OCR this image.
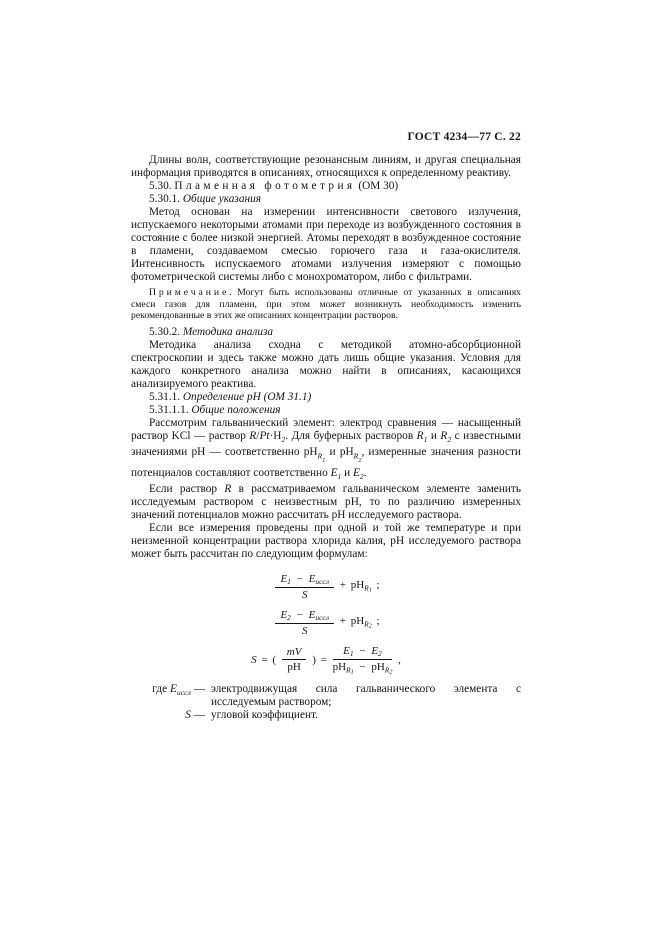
ГОСТ 4234—77 С. 22

Длины волн, соответствующие резонансным линиям, и другая специальная информация приводятся в описаниях, относящихся к определенному реактиву.

5.30. Пламенная фотометрия (ОМ 30)

5.30.1. Общие указания

Метод основан на измерении интенсивности светового излучения, испускаемого некоторыми атомами при переходе из возбужденного состояния в состояние с более низкой энергией. Атомы переходят в возбужденное состояние в пламени, создаваемом смесью горючего газа и газа-окислителя. Интенсивность испускаемого атомами излучения измеряют с помощью фотометрической системы либо с монохроматором, либо с фильтрами.

Примечание. Могут быть использованы отличные от указанных в описаниях смеси газов для пламени, при этом может возникнуть необходимость изменить рекомендованные в этих же описаниях концентрации растворов.

5.30.2. Методика анализа

Методика анализа сходна с методикой атомно-абсорбционной спектроскопии и здесь также можно дать лишь общие указания. Условия для каждого конкретного анализа можно найти в описаниях, касающихся анализируемого реактива.

5.31.1. Определение pH (ОМ 31.1)

5.31.1.1. Общие положения

Рассмотрим гальванический элемент: электрод сравнения — насыщенный раствор KCl — раствор $R/Pt\cdot H_2$. Для буферных растворов $R_1$ и $R_2$ с известными значениями pH — соответственно $pH_{R1}$ и $pH_{R2}$, измеренные значения разности потенциалов составляют соответственно $E_1$ и $E_2$.

Если раствор R в рассматриваемом гальваническом элементе заменить исследуемым раствором с неизвестным pH, то по различию измеренных значений потенциалов можно рассчитать pH исследуемого раствора.

Если все измерения проведены при одной и той же температуре и при неизменной концентрации раствора хлорида калия, pH исследуемого раствора может быть рассчитан по следующим формулам:

$\frac{\text{E1 − Eиссл}}{S} + pH_{R1}$ ;
$\frac{\text{E2 − Eиссл}}{S} + pH_{R2}$ ;
S = ( $\frac{mV}{pH}$ ) = $\frac{E1 - E2}{pH_{R1} - pH_{R2}}$ ,
где $E_{иссл}$ — электродвижущая сила гальванического элемента с исследуемым раствором;
S — угловой коэффициент.
